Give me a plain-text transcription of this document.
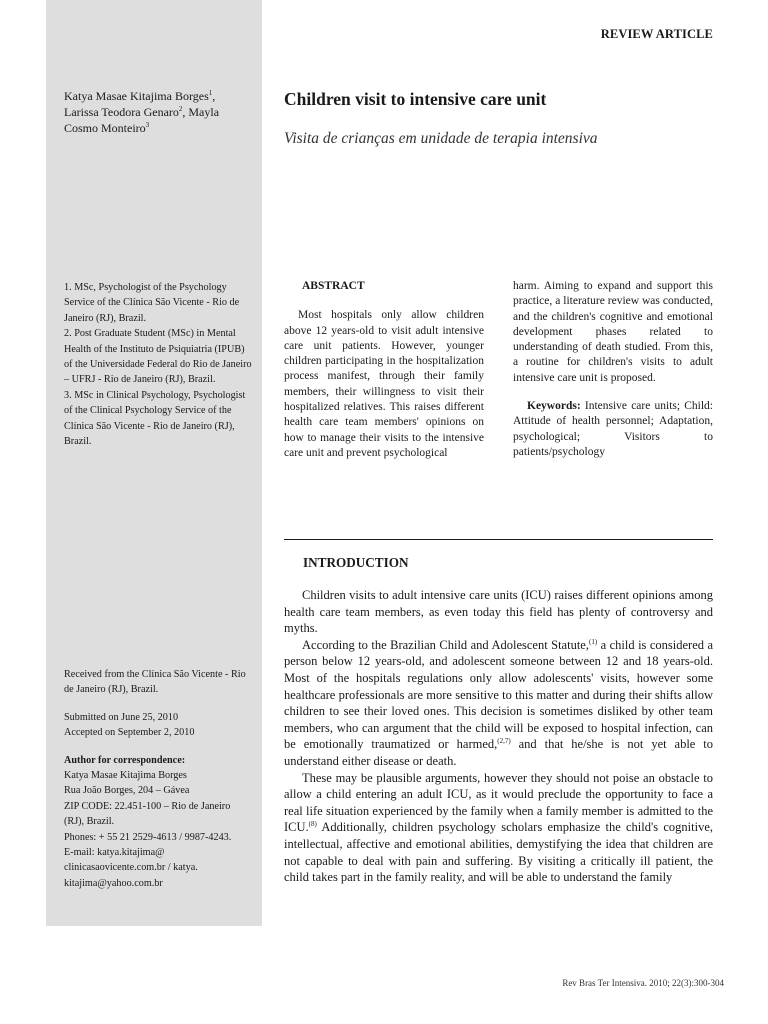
REVIEW ARTICLE
Katya Masae Kitajima Borges$^1$,
Larissa Teodora Genaro$^2$, Mayla Cosmo Monteiro$^3$

1. MSc, Psychologist of the Psychology Service of the Clínica São Vicente - Rio de Janeiro (RJ), Brazil.

2. Post Graduate Student (MSc) in Mental Health of the Instituto de Psiquiatria (IPUB) of the Universidade Federal do Rio de Janeiro – UFRJ - Rio de Janeiro (RJ), Brazil.

3. MSc in Clinical Psychology, Psychologist of the Clinical Psychology Service of the Clínica São Vicente - Rio de Janeiro (RJ), Brazil.

Received from the Clínica São Vicente - Rio de Janeiro (RJ), Brazil.

Submitted on June 25, 2010

Accepted on September 2, 2010

Author for correspondence:

Katya Masae Kitajima Borges

Rua João Borges, 204 – Gávea

ZIP CODE: 22.451-100 – Rio de Janeiro (RJ), Brazil.

Phones: + 55 21 2529-4613 / 9987-4243.

E-mail: katya.kitajima@ clinicasaovicente.com.br / katya. kitajima@yahoo.com.br

Children visit to intensive care unit
Visita de crianças em unidade de terapia intensiva

ABSTRACT

Most hospitals only allow children above 12 years-old to visit adult intensive care unit patients. However, younger children participating in the hospitalization process manifest, through their family members, their willingness to visit their hospitalized relatives. This raises different health care team members' opinions on how to manage their visits to the intensive care unit and prevent psychological

harm. Aiming to expand and support this practice, a literature review was conducted, and the children's cognitive and emotional development phases related to understanding of death studied. From this, a routine for children's visits to adult intensive care unit is proposed.

Keywords: Intensive care units; Child: Attitude of health personnel; Adaptation, psychological; Visitors to patients/psychology

INTRODUCTION

Children visits to adult intensive care units (ICU) raises different opinions among health care team members, as even today this field has plenty of controversy and myths.

According to the Brazilian Child and Adolescent Statute,$^{(1)}$ a child is considered a person below 12 years-old, and adolescent someone between 12 and 18 years-old. Most of the hospitals regulations only allow adolescents' visits, however some healthcare professionals are more sensitive to this matter and during their shifts allow children to see their loved ones. This decision is sometimes disliked by other team members, who can argument that the child will be exposed to hospital infection, can be emotionally traumatized or harmed,$^{(2,7)}$ and that he/she is not yet able to understand either disease or death.

These may be plausible arguments, however they should not poise an obstacle to allow a child entering an adult ICU, as it would preclude the opportunity to face a real life situation experienced by the family when a family member is admitted to the ICU.$^{(8)}$ Additionally, children psychology scholars emphasize the child's cognitive, intellectual, affective and emotional abilities, demystifying the idea that children are not capable to deal with pain and suffering. By visiting a critically ill patient, the child takes part in the family reality, and will be able to understand the family

Rev Bras Ter Intensiva. 2010; 22(3):300-304
